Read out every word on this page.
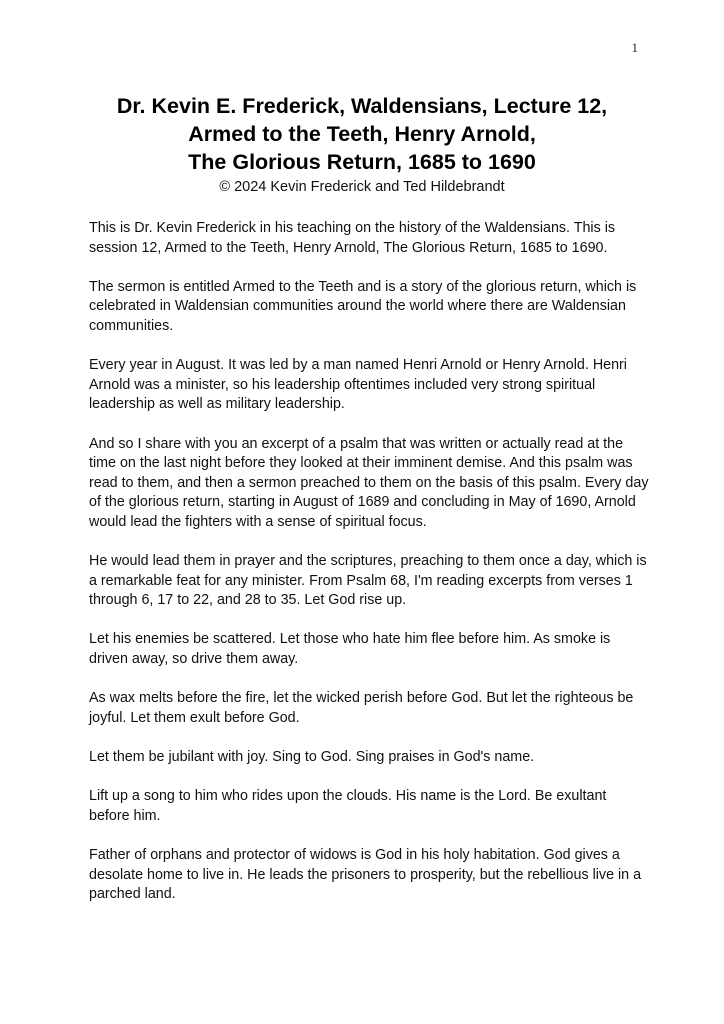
1
Dr. Kevin E. Frederick, Waldensians, Lecture 12,
Armed to the Teeth, Henry Arnold,
The Glorious Return, 1685 to 1690
© 2024 Kevin Frederick and Ted Hildebrandt

This is Dr. Kevin Frederick in his teaching on the history of the Waldensians. This is session 12, Armed to the Teeth, Henry Arnold, The Glorious Return, 1685 to 1690.

The sermon is entitled Armed to the Teeth and is a story of the glorious return, which is celebrated in Waldensian communities around the world where there are Waldensian communities.

Every year in August. It was led by a man named Henri Arnold or Henry Arnold. Henri Arnold was a minister, so his leadership oftentimes included very strong spiritual leadership as well as military leadership.

And so I share with you an excerpt of a psalm that was written or actually read at the time on the last night before they looked at their imminent demise. And this psalm was read to them, and then a sermon preached to them on the basis of this psalm. Every day of the glorious return, starting in August of 1689 and concluding in May of 1690, Arnold would lead the fighters with a sense of spiritual focus.

He would lead them in prayer and the scriptures, preaching to them once a day, which is a remarkable feat for any minister. From Psalm 68, I'm reading excerpts from verses 1 through 6, 17 to 22, and 28 to 35. Let God rise up.

Let his enemies be scattered. Let those who hate him flee before him. As smoke is driven away, so drive them away.

As wax melts before the fire, let the wicked perish before God. But let the righteous be joyful. Let them exult before God.

Let them be jubilant with joy. Sing to God. Sing praises in God's name.

Lift up a song to him who rides upon the clouds. His name is the Lord. Be exultant before him.

Father of orphans and protector of widows is God in his holy habitation. God gives a desolate home to live in. He leads the prisoners to prosperity, but the rebellious live in a parched land.
